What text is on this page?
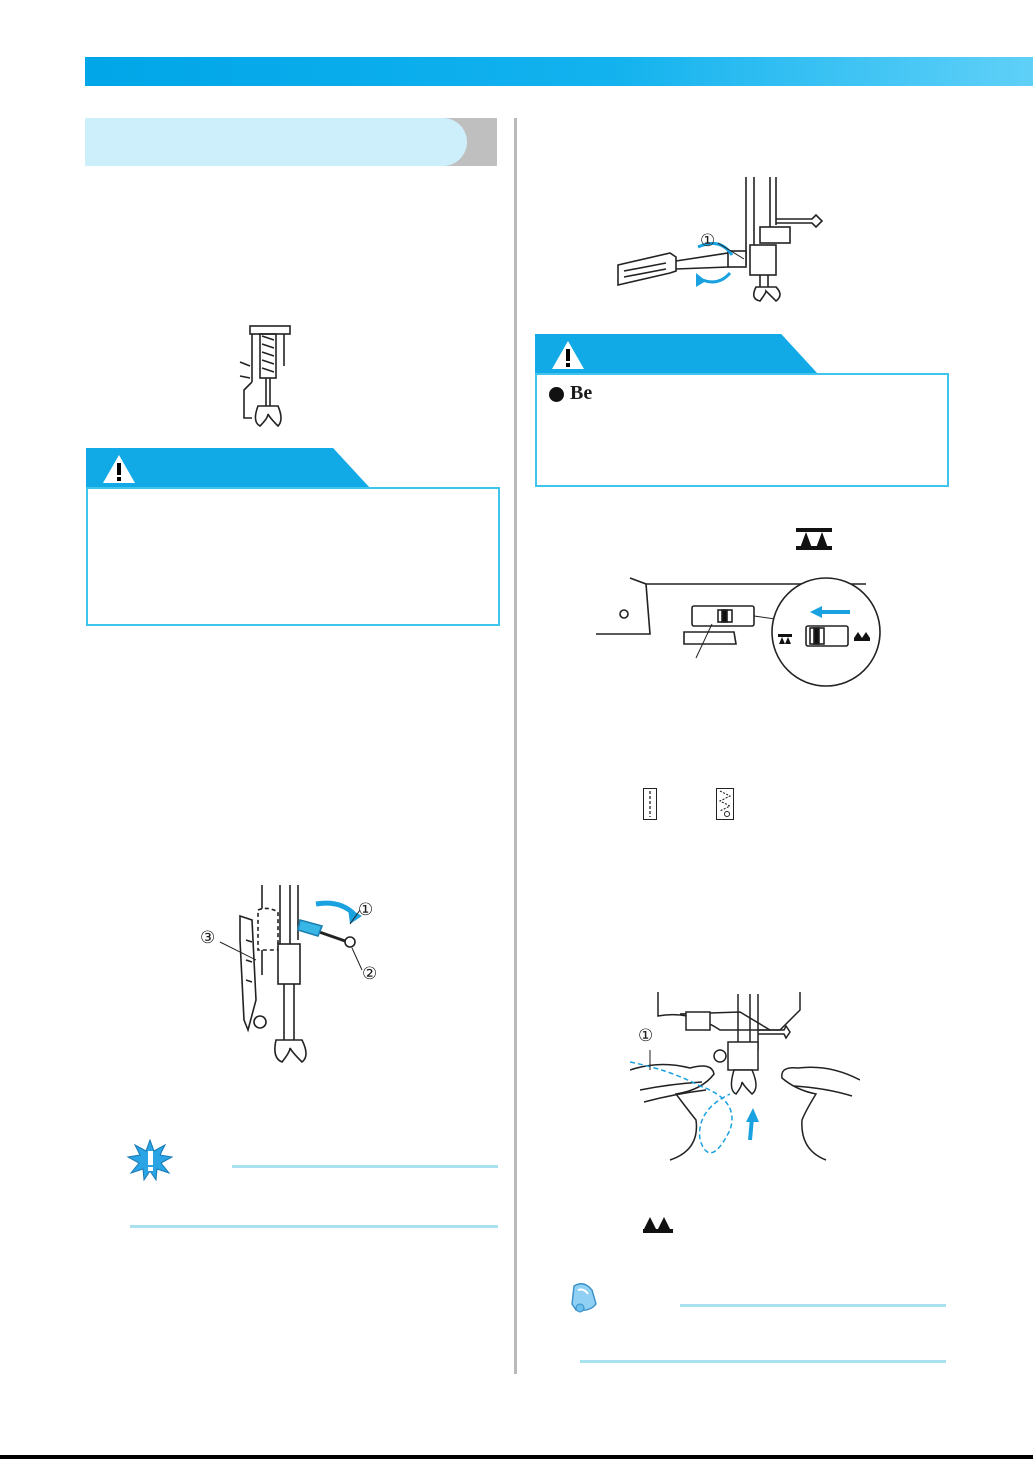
①
②
③
①
Be
①
